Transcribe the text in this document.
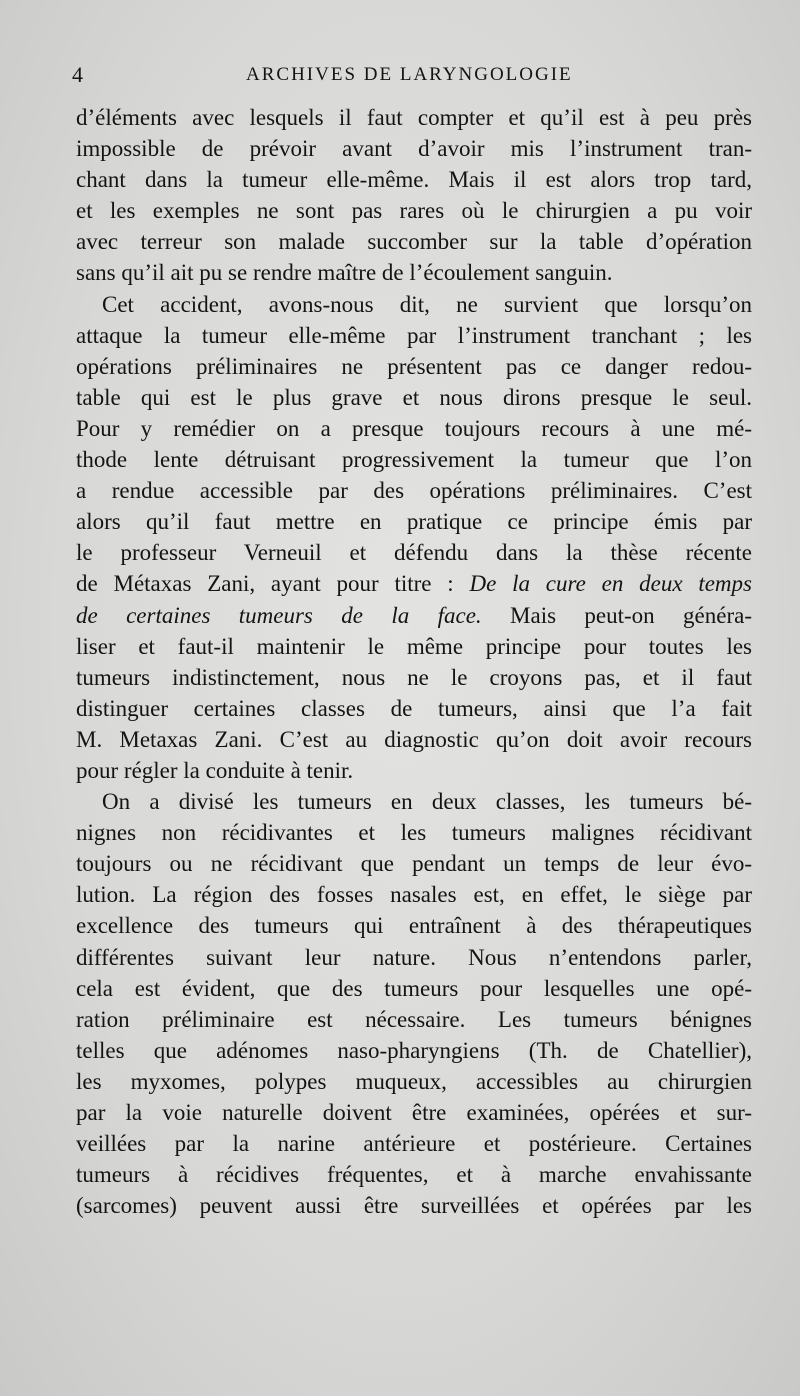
4	ARCHIVES DE LARYNGOLOGIE
d’éléments avec lesquels il faut compter et qu’il est à peu près
impossible de prévoir avant d’avoir mis l’instrument tran-
chant dans la tumeur elle-même. Mais il est alors trop tard,
et les exemples ne sont pas rares où le chirurgien a pu voir
avec terreur son malade succomber sur la table d’opération
sans qu’il ait pu se rendre maître de l’écoulement sanguin.
Cet accident, avons-nous dit, ne survient que lorsqu’on
attaque la tumeur elle-même par l’instrument tranchant ; les
opérations préliminaires ne présentent pas ce danger redou-
table qui est le plus grave et nous dirons presque le seul.
Pour y remédier on a presque toujours recours à une mé-
thode lente détruisant progressivement la tumeur que l’on
a rendue accessible par des opérations préliminaires. C’est
alors qu’il faut mettre en pratique ce principe émis par
le professeur Verneuil et défendu dans la thèse récente
de Métaxas Zani, ayant pour titre : De la cure en deux temps
de certaines tumeurs de la face. Mais peut-on généra-
liser et faut-il maintenir le même principe pour toutes les
tumeurs indistinctement, nous ne le croyons pas, et il faut
distinguer certaines classes de tumeurs, ainsi que l’a fait
M. Metaxas Zani. C’est au diagnostic qu’on doit avoir recours
pour régler la conduite à tenir.
On a divisé les tumeurs en deux classes, les tumeurs bé-
nignes non récidivantes et les tumeurs malignes récidivant
toujours ou ne récidivant que pendant un temps de leur évo-
lution. La région des fosses nasales est, en effet, le siège par
excellence des tumeurs qui entraînent à des thérapeutiques
différentes suivant leur nature. Nous n’entendons parler,
cela est évident, que des tumeurs pour lesquelles une opé-
ration préliminaire est nécessaire. Les tumeurs bénignes
telles que adénomes naso-pharyngiens (Th. de Chatellier),
les myxomes, polypes muqueux, accessibles au chirurgien
par la voie naturelle doivent être examinées, opérées et sur-
veillées par la narine antérieure et postérieure. Certaines
tumeurs à récidives fréquentes, et à marche envahissante
(sarcomes) peuvent aussi être surveillées et opérées par les
